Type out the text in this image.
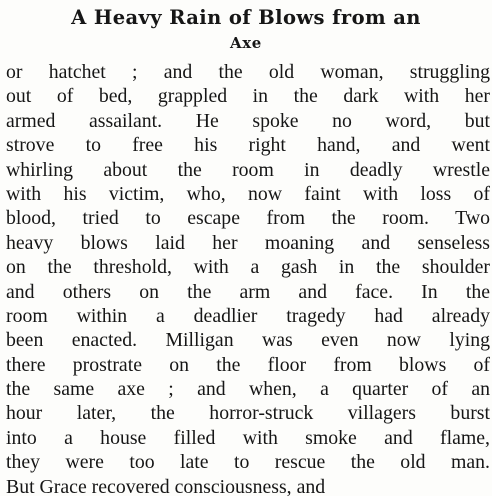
A Heavy Rain of Blows from an
Axe
or hatchet ; and the old woman, struggling
out of bed, grappled in the dark with her
armed assailant. He spoke no word, but
strove to free his right hand, and went
whirling about the room in deadly wrestle
with his victim, who, now faint with loss of
blood, tried to escape from the room. Two
heavy blows laid her moaning and senseless
on the threshold, with a gash in the shoulder
and others on the arm and face. In the
room within a deadlier tragedy had already
been enacted. Milligan was even now lying
there prostrate on the floor from blows of
the same axe ; and when, a quarter of an
hour later, the horror-struck villagers burst
into a house filled with smoke and flame,
they were too late to rescue the old man.
But Grace recovered consciousness, and
